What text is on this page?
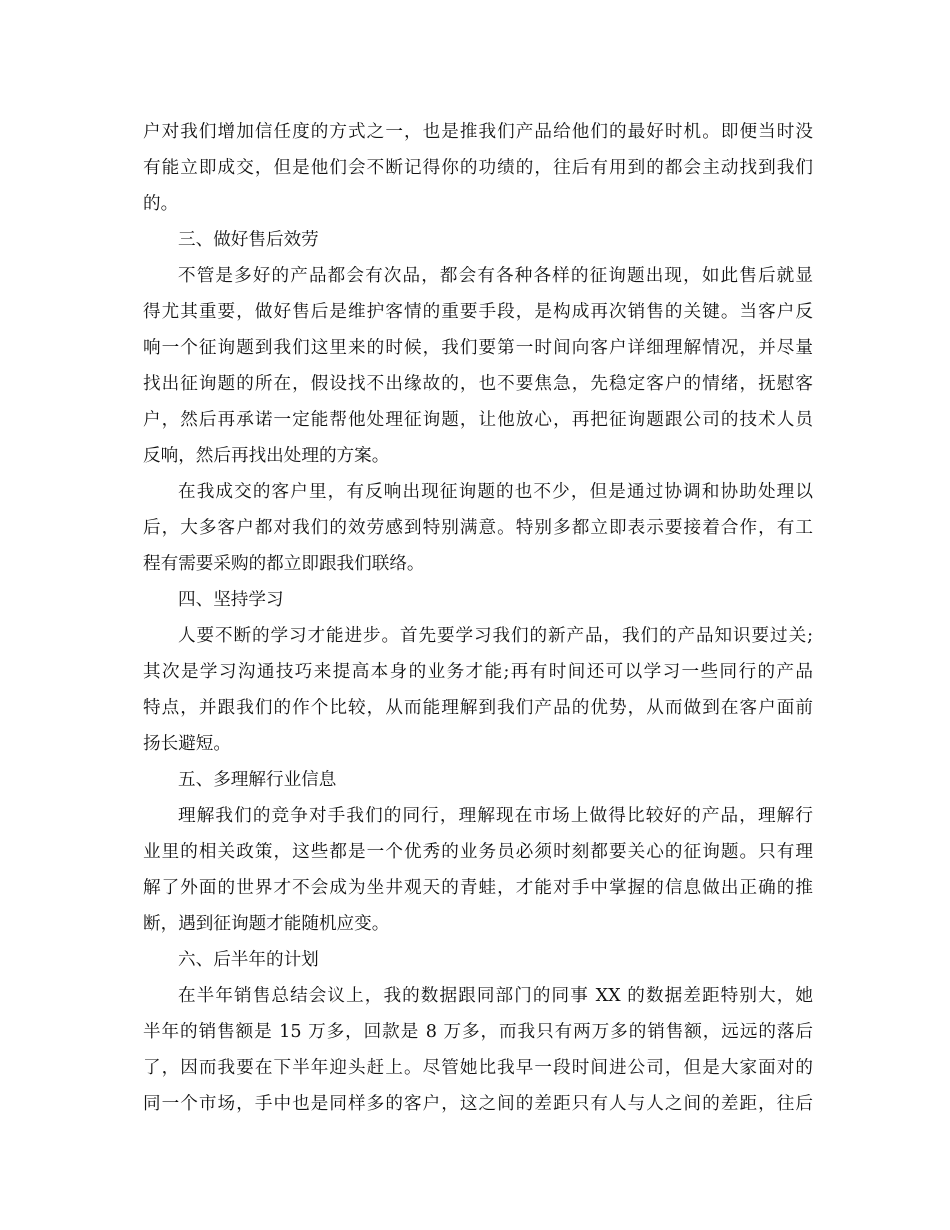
户对我们增加信任度的方式之一，也是推我们产品给他们的最好时机。即便当时没
有能立即成交，但是他们会不断记得你的功绩的，往后有用到的都会主动找到我们
的。
三、做好售后效劳
不管是多好的产品都会有次品，都会有各种各样的征询题出现，如此售后就显
得尤其重要，做好售后是维护客情的重要手段，是构成再次销售的关键。当客户反
响一个征询题到我们这里来的时候，我们要第一时间向客户详细理解情况，并尽量
找出征询题的所在，假设找不出缘故的，也不要焦急，先稳定客户的情绪，抚慰客
户，然后再承诺一定能帮他处理征询题，让他放心，再把征询题跟公司的技术人员
反响，然后再找出处理的方案。
在我成交的客户里，有反响出现征询题的也不少，但是通过协调和协助处理以
后，大多客户都对我们的效劳感到特别满意。特别多都立即表示要接着合作，有工
程有需要采购的都立即跟我们联络。
四、坚持学习
人要不断的学习才能进步。首先要学习我们的新产品，我们的产品知识要过关;
其次是学习沟通技巧来提高本身的业务才能;再有时间还可以学习一些同行的产品
特点，并跟我们的作个比较，从而能理解到我们产品的优势，从而做到在客户面前
扬长避短。
五、多理解行业信息
理解我们的竞争对手我们的同行，理解现在市场上做得比较好的产品，理解行
业里的相关政策，这些都是一个优秀的业务员必须时刻都要关心的征询题。只有理
解了外面的世界才不会成为坐井观天的青蛙，才能对手中掌握的信息做出正确的推
断，遇到征询题才能随机应变。
六、后半年的计划
在半年销售总结会议上，我的数据跟同部门的同事 XX 的数据差距特别大，她
半年的销售额是 15 万多，回款是 8 万多，而我只有两万多的销售额，远远的落后
了，因而我要在下半年迎头赶上。尽管她比我早一段时间进公司，但是大家面对的
同一个市场，手中也是同样多的客户，这之间的差距只有人与人之间的差距，往后
